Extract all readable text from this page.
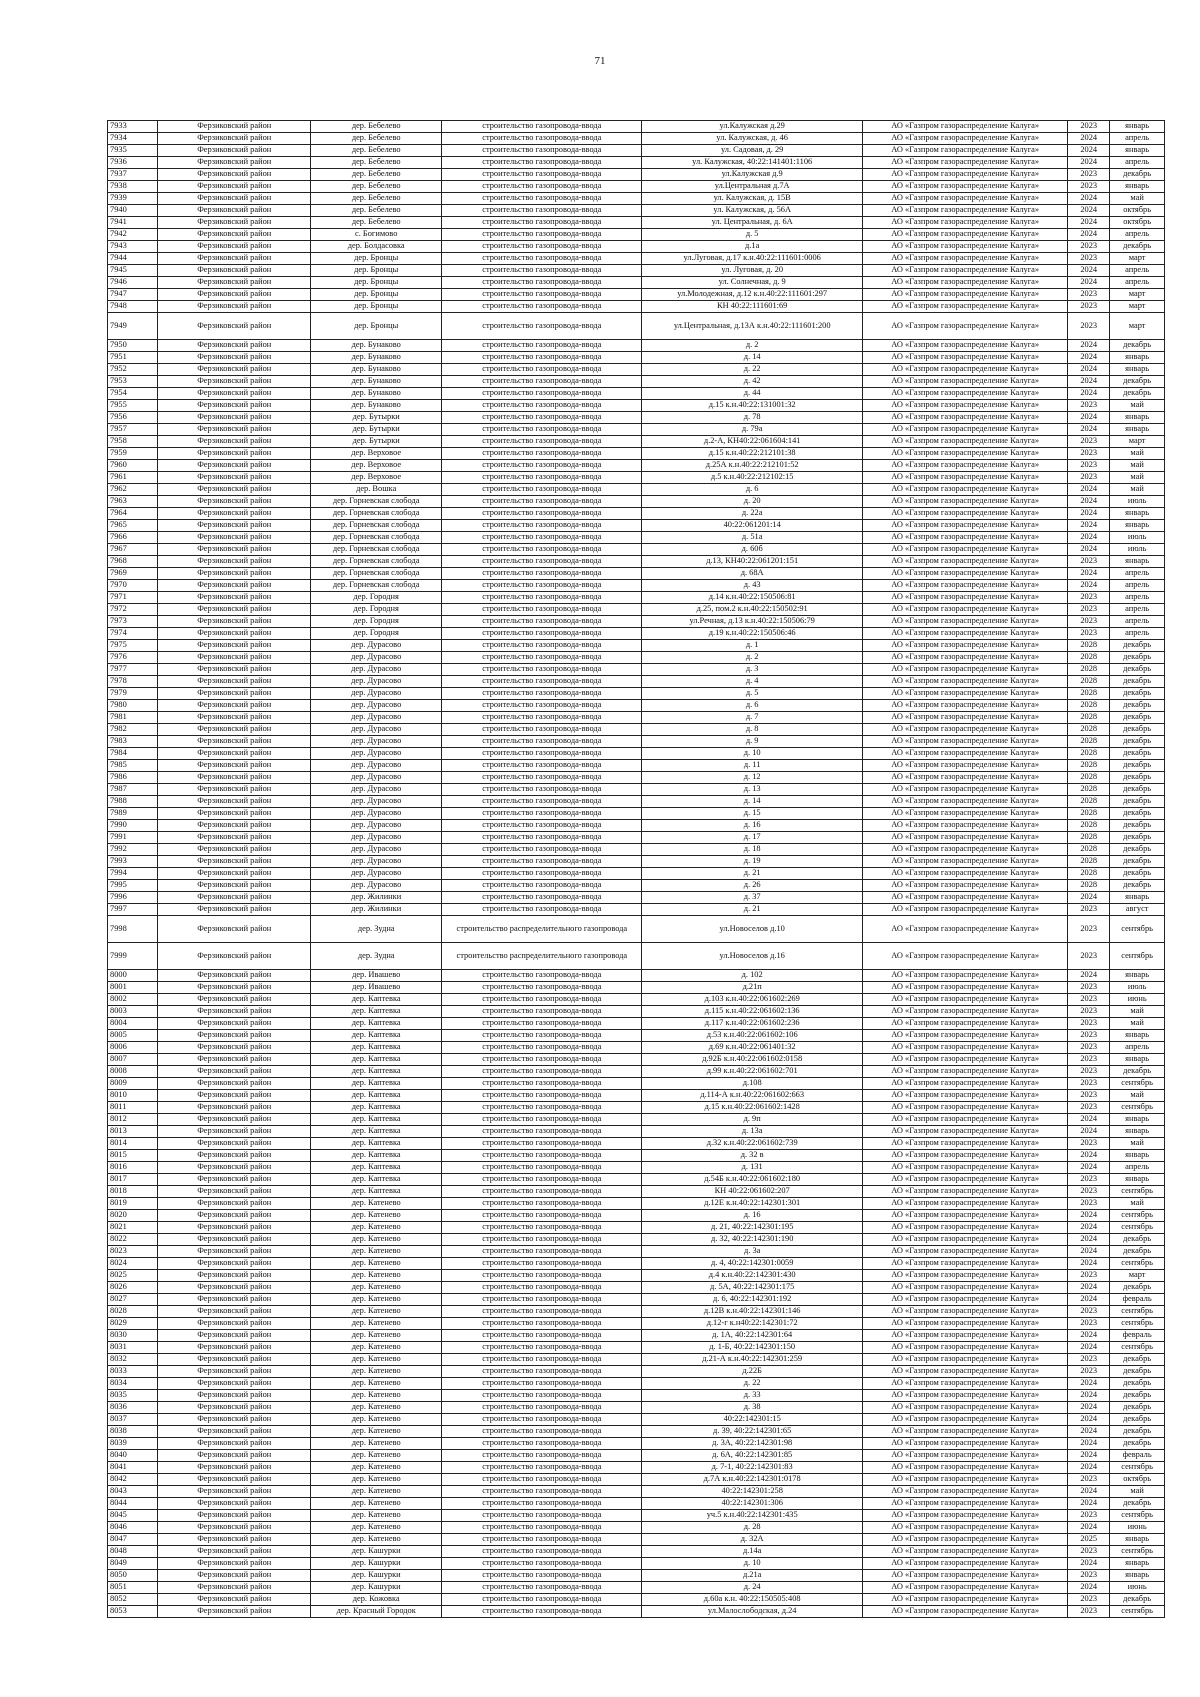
71
7933	Ферзиковский район	дер. Бебелево	строительство газопровода-ввода	ул.Калужская д.29	АО «Газпром газораспределение Калуга»	2023	январь
7934	Ферзиковский район	дер. Бебелево	строительство газопровода-ввода	ул. Калужская, д. 46	АО «Газпром газораспределение Калуга»	2024	апрель
7935	Ферзиковский район	дер. Бебелево	строительство газопровода-ввода	ул. Садовая, д. 29	АО «Газпром газораспределение Калуга»	2024	январь
7936	Ферзиковский район	дер. Бебелево	строительство газопровода-ввода	ул. Калужская, 40:22:141401:1106	АО «Газпром газораспределение Калуга»	2024	апрель
7937	Ферзиковский район	дер. Бебелево	строительство газопровода-ввода	ул.Калужская д.9	АО «Газпром газораспределение Калуга»	2023	декабрь
7938	Ферзиковский район	дер. Бебелево	строительство газопровода-ввода	ул.Центральная д.7А	АО «Газпром газораспределение Калуга»	2023	январь
7939	Ферзиковский район	дер. Бебелево	строительство газопровода-ввода	ул. Калужская, д. 15В	АО «Газпром газораспределение Калуга»	2024	май
7940	Ферзиковский район	дер. Бебелево	строительство газопровода-ввода	ул. Калужская, д. 56А	АО «Газпром газораспределение Калуга»	2024	октябрь
7941	Ферзиковский район	дер. Бебелево	строительство газопровода-ввода	ул. Центральная, д. 6А	АО «Газпром газораспределение Калуга»	2024	октябрь
7942	Ферзиковский район	с. Богимово	строительство газопровода-ввода	д. 5	АО «Газпром газораспределение Калуга»	2024	апрель
7943	Ферзиковский район	дер. Болдасовка	строительство газопровода-ввода	д.1а	АО «Газпром газораспределение Калуга»	2023	декабрь
7944	Ферзиковский район	дер. Бронцы	строительство газопровода-ввода	ул.Луговая, д.17 к.н.40:22:111601:0006	АО «Газпром газораспределение Калуга»	2023	март
7945	Ферзиковский район	дер. Бронцы	строительство газопровода-ввода	ул. Луговая, д. 20	АО «Газпром газораспределение Калуга»	2024	апрель
7946	Ферзиковский район	дер. Бронцы	строительство газопровода-ввода	ул. Солнечная, д. 9	АО «Газпром газораспределение Калуга»	2024	апрель
7947	Ферзиковский район	дер. Бронцы	строительство газопровода-ввода	ул.Молодежная, д.12 к.н.40:22:111601:297	АО «Газпром газораспределение Калуга»	2023	март
7948	Ферзиковский район	дер. Бронцы	строительство газопровода-ввода	КН 40:22:111601:69	АО «Газпром газораспределение Калуга»	2023	март
7949	Ферзиковский район	дер. Бронцы	строительство газопровода-ввода	ул.Центральная, д.13А к.н.40:22:111601:200	АО «Газпром газораспределение Калуга»	2023	март
7950	Ферзиковский район	дер. Бунаково	строительство газопровода-ввода	д. 2	АО «Газпром газораспределение Калуга»	2024	декабрь
7951	Ферзиковский район	дер. Бунаково	строительство газопровода-ввода	д. 14	АО «Газпром газораспределение Калуга»	2024	январь
7952	Ферзиковский район	дер. Бунаково	строительство газопровода-ввода	д. 22	АО «Газпром газораспределение Калуга»	2024	январь
7953	Ферзиковский район	дер. Бунаково	строительство газопровода-ввода	д. 42	АО «Газпром газораспределение Калуга»	2024	декабрь
7954	Ферзиковский район	дер. Бунаково	строительство газопровода-ввода	д. 44	АО «Газпром газораспределение Калуга»	2024	декабрь
7955	Ферзиковский район	дер. Бунаково	строительство газопровода-ввода	д.15 к.н.40:22:131001:32	АО «Газпром газораспределение Калуга»	2023	май
7956	Ферзиковский район	дер. Бутырки	строительство газопровода-ввода	д. 78	АО «Газпром газораспределение Калуга»	2024	январь
7957	Ферзиковский район	дер. Бутырки	строительство газопровода-ввода	д. 79а	АО «Газпром газораспределение Калуга»	2024	январь
7958	Ферзиковский район	дер. Бутырки	строительство газопровода-ввода	д.2-А, КН40:22:061604:141	АО «Газпром газораспределение Калуга»	2023	март
7959	Ферзиковский район	дер. Верховое	строительство газопровода-ввода	д.15 к.н.40:22:212101:38	АО «Газпром газораспределение Калуга»	2023	май
7960	Ферзиковский район	дер. Верховое	строительство газопровода-ввода	д.25А к.н.40:22:212101:52	АО «Газпром газораспределение Калуга»	2023	май
7961	Ферзиковский район	дер. Верховое	строительство газопровода-ввода	д.5 к.н.40:22:212102:15	АО «Газпром газораспределение Калуга»	2023	май
7962	Ферзиковский район	дер. Вошка	строительство газопровода-ввода	д. 6	АО «Газпром газораспределение Калуга»	2024	май
7963	Ферзиковский район	дер. Горневская слобода	строительство газопровода-ввода	д. 20	АО «Газпром газораспределение Калуга»	2024	июль
7964	Ферзиковский район	дер. Горневская слобода	строительство газопровода-ввода	д. 22а	АО «Газпром газораспределение Калуга»	2024	январь
7965	Ферзиковский район	дер. Горневская слобода	строительство газопровода-ввода	40:22:061201:14	АО «Газпром газораспределение Калуга»	2024	январь
7966	Ферзиковский район	дер. Горневская слобода	строительство газопровода-ввода	д. 51а	АО «Газпром газораспределение Калуга»	2024	июль
7967	Ферзиковский район	дер. Горневская слобода	строительство газопровода-ввода	д. 60б	АО «Газпром газораспределение Калуга»	2024	июль
7968	Ферзиковский район	дер. Горневская слобода	строительство газопровода-ввода	д.13, КН40:22:061201:151	АО «Газпром газораспределение Калуга»	2023	январь
7969	Ферзиковский район	дер. Горневская слобода	строительство газопровода-ввода	д. 68А	АО «Газпром газораспределение Калуга»	2024	апрель
7970	Ферзиковский район	дер. Горневская слобода	строительство газопровода-ввода	д. 43	АО «Газпром газораспределение Калуга»	2024	апрель
7971	Ферзиковский район	дер. Городня	строительство газопровода-ввода	д.14 к.н.40:22:150506:81	АО «Газпром газораспределение Калуга»	2023	апрель
7972	Ферзиковский район	дер. Городня	строительство газопровода-ввода	д.25, пом.2 к.н.40:22:150502:91	АО «Газпром газораспределение Калуга»	2023	апрель
7973	Ферзиковский район	дер. Городня	строительство газопровода-ввода	ул.Речная, д.13 к.н.40:22:150506:79	АО «Газпром газораспределение Калуга»	2023	апрель
7974	Ферзиковский район	дер. Городня	строительство газопровода-ввода	д.19 к.н.40:22:150506:46	АО «Газпром газораспределение Калуга»	2023	апрель
7975	Ферзиковский район	дер. Дурасово	строительство газопровода-ввода	д. 1	АО «Газпром газораспределение Калуга»	2028	декабрь
7976	Ферзиковский район	дер. Дурасово	строительство газопровода-ввода	д. 2	АО «Газпром газораспределение Калуга»	2028	декабрь
7977	Ферзиковский район	дер. Дурасово	строительство газопровода-ввода	д. 3	АО «Газпром газораспределение Калуга»	2028	декабрь
7978	Ферзиковский район	дер. Дурасово	строительство газопровода-ввода	д. 4	АО «Газпром газораспределение Калуга»	2028	декабрь
7979	Ферзиковский район	дер. Дурасово	строительство газопровода-ввода	д. 5	АО «Газпром газораспределение Калуга»	2028	декабрь
7980	Ферзиковский район	дер. Дурасово	строительство газопровода-ввода	д. 6	АО «Газпром газораспределение Калуга»	2028	декабрь
7981	Ферзиковский район	дер. Дурасово	строительство газопровода-ввода	д. 7	АО «Газпром газораспределение Калуга»	2028	декабрь
7982	Ферзиковский район	дер. Дурасово	строительство газопровода-ввода	д. 8	АО «Газпром газораспределение Калуга»	2028	декабрь
7983	Ферзиковский район	дер. Дурасово	строительство газопровода-ввода	д. 9	АО «Газпром газораспределение Калуга»	2028	декабрь
7984	Ферзиковский район	дер. Дурасово	строительство газопровода-ввода	д. 10	АО «Газпром газораспределение Калуга»	2028	декабрь
7985	Ферзиковский район	дер. Дурасово	строительство газопровода-ввода	д. 11	АО «Газпром газораспределение Калуга»	2028	декабрь
7986	Ферзиковский район	дер. Дурасово	строительство газопровода-ввода	д. 12	АО «Газпром газораспределение Калуга»	2028	декабрь
7987	Ферзиковский район	дер. Дурасово	строительство газопровода-ввода	д. 13	АО «Газпром газораспределение Калуга»	2028	декабрь
7988	Ферзиковский район	дер. Дурасово	строительство газопровода-ввода	д. 14	АО «Газпром газораспределение Калуга»	2028	декабрь
7989	Ферзиковский район	дер. Дурасово	строительство газопровода-ввода	д. 15	АО «Газпром газораспределение Калуга»	2028	декабрь
7990	Ферзиковский район	дер. Дурасово	строительство газопровода-ввода	д. 16	АО «Газпром газораспределение Калуга»	2028	декабрь
7991	Ферзиковский район	дер. Дурасово	строительство газопровода-ввода	д. 17	АО «Газпром газораспределение Калуга»	2028	декабрь
7992	Ферзиковский район	дер. Дурасово	строительство газопровода-ввода	д. 18	АО «Газпром газораспределение Калуга»	2028	декабрь
7993	Ферзиковский район	дер. Дурасово	строительство газопровода-ввода	д. 19	АО «Газпром газораспределение Калуга»	2028	декабрь
7994	Ферзиковский район	дер. Дурасово	строительство газопровода-ввода	д. 21	АО «Газпром газораспределение Калуга»	2028	декабрь
7995	Ферзиковский район	дер. Дурасово	строительство газопровода-ввода	д. 26	АО «Газпром газораспределение Калуга»	2028	декабрь
7996	Ферзиковский район	дер. Жилинки	строительство газопровода-ввода	д. 37	АО «Газпром газораспределение Калуга»	2024	январь
7997	Ферзиковский район	дер. Жилинки	строительство газопровода-ввода	д. 21	АО «Газпром газораспределение Калуга»	2023	август
7998	Ферзиковский район	дер. Зудна	строительство распределительного газопровода	ул.Новоселов д.10	АО «Газпром газораспределение Калуга»	2023	сентябрь
7999	Ферзиковский район	дер. Зудна	строительство распределительного газопровода	ул.Новоселов д.16	АО «Газпром газораспределение Калуга»	2023	сентябрь
8000	Ферзиковский район	дер. Ивашево	строительство газопровода-ввода	д. 102	АО «Газпром газораспределение Калуга»	2024	январь
8001	Ферзиковский район	дер. Ивашево	строительство газопровода-ввода	д.21п	АО «Газпром газораспределение Калуга»	2023	июль
8002	Ферзиковский район	дер. Каптевка	строительство газопровода-ввода	д.103 к.н.40:22:061602:269	АО «Газпром газораспределение Калуга»	2023	июнь
8003	Ферзиковский район	дер. Каптевка	строительство газопровода-ввода	д.115 к.н.40:22:061602:136	АО «Газпром газораспределение Калуга»	2023	май
8004	Ферзиковский район	дер. Каптевка	строительство газопровода-ввода	д.117 к.н.40:22:061602:236	АО «Газпром газораспределение Калуга»	2023	май
8005	Ферзиковский район	дер. Каптевка	строительство газопровода-ввода	д.53 к.н.40:22:061602:106	АО «Газпром газораспределение Калуга»	2023	январь
8006	Ферзиковский район	дер. Каптевка	строительство газопровода-ввода	д.69 к.н.40:22:061401:32	АО «Газпром газораспределение Калуга»	2023	апрель
8007	Ферзиковский район	дер. Каптевка	строительство газопровода-ввода	д.92Б к.н.40:22:061602:0158	АО «Газпром газораспределение Калуга»	2023	январь
8008	Ферзиковский район	дер. Каптевка	строительство газопровода-ввода	д.99 к.н.40:22:061602:701	АО «Газпром газораспределение Калуга»	2023	декабрь
8009	Ферзиковский район	дер. Каптевка	строительство газопровода-ввода	д.108	АО «Газпром газораспределение Калуга»	2023	сентябрь
8010	Ферзиковский район	дер. Каптевка	строительство газопровода-ввода	д.114-А к.н.40:22:061602:663	АО «Газпром газораспределение Калуга»	2023	май
8011	Ферзиковский район	дер. Каптевка	строительство газопровода-ввода	д.15 к.н.40:22:061602:1428	АО «Газпром газораспределение Калуга»	2023	сентябрь
8012	Ферзиковский район	дер. Каптевка	строительство газопровода-ввода	д. 9п	АО «Газпром газораспределение Калуга»	2024	январь
8013	Ферзиковский район	дер. Каптевка	строительство газопровода-ввода	д. 13а	АО «Газпром газораспределение Калуга»	2024	январь
8014	Ферзиковский район	дер. Каптевка	строительство газопровода-ввода	д.32 к.н.40:22:061602:739	АО «Газпром газораспределение Калуга»	2023	май
8015	Ферзиковский район	дер. Каптевка	строительство газопровода-ввода	д. 32 в	АО «Газпром газораспределение Калуга»	2024	январь
8016	Ферзиковский район	дер. Каптевка	строительство газопровода-ввода	д. 131	АО «Газпром газораспределение Калуга»	2024	апрель
8017	Ферзиковский район	дер. Каптевка	строительство газопровода-ввода	д.54Б к.н.40:22:061602:180	АО «Газпром газораспределение Калуга»	2023	январь
8018	Ферзиковский район	дер. Каптевка	строительство газопровода-ввода	КН 40:22:061602:207	АО «Газпром газораспределение Калуга»	2023	сентябрь
8019	Ферзиковский район	дер. Катенево	строительство газопровода-ввода	д.12Е к.н.40:22:142301:301	АО «Газпром газораспределение Калуга»	2023	май
8020	Ферзиковский район	дер. Катенево	строительство газопровода-ввода	д. 16	АО «Газпром газораспределение Калуга»	2024	сентябрь
8021	Ферзиковский район	дер. Катенево	строительство газопровода-ввода	д. 21, 40:22:142301:195	АО «Газпром газораспределение Калуга»	2024	сентябрь
8022	Ферзиковский район	дер. Катенево	строительство газопровода-ввода	д. 32, 40:22:142301:190	АО «Газпром газораспределение Калуга»	2024	декабрь
8023	Ферзиковский район	дер. Катенево	строительство газопровода-ввода	д. 3а	АО «Газпром газораспределение Калуга»	2024	декабрь
8024	Ферзиковский район	дер. Катенево	строительство газопровода-ввода	д. 4, 40:22:142301:0059	АО «Газпром газораспределение Калуга»	2024	сентябрь
8025	Ферзиковский район	дер. Катенево	строительство газопровода-ввода	д.4 к.н.40:22:142301:430	АО «Газпром газораспределение Калуга»	2023	март
8026	Ферзиковский район	дер. Катенево	строительство газопровода-ввода	д. 5А, 40:22:142301:175	АО «Газпром газораспределение Калуга»	2024	декабрь
8027	Ферзиковский район	дер. Катенево	строительство газопровода-ввода	д. 6, 40:22:142301:192	АО «Газпром газораспределение Калуга»	2024	февраль
8028	Ферзиковский район	дер. Катенево	строительство газопровода-ввода	д.12В к.н.40:22:142301:146	АО «Газпром газораспределение Калуга»	2023	сентябрь
8029	Ферзиковский район	дер. Катенево	строительство газопровода-ввода	д.12-г к.н40:22:142301:72	АО «Газпром газораспределение Калуга»	2023	сентябрь
8030	Ферзиковский район	дер. Катенево	строительство газопровода-ввода	д. 1А, 40:22:142301:64	АО «Газпром газораспределение Калуга»	2024	февраль
8031	Ферзиковский район	дер. Катенево	строительство газопровода-ввода	д. 1-Б, 40:22:142301:150	АО «Газпром газораспределение Калуга»	2024	сентябрь
8032	Ферзиковский район	дер. Катенево	строительство газопровода-ввода	д.21-А к.н.40:22:142301:259	АО «Газпром газораспределение Калуга»	2023	декабрь
8033	Ферзиковский район	дер. Катенево	строительство газопровода-ввода	д.22Б	АО «Газпром газораспределение Калуга»	2023	декабрь
8034	Ферзиковский район	дер. Катенево	строительство газопровода-ввода	д. 22	АО «Газпром газораспределение Калуга»	2024	декабрь
8035	Ферзиковский район	дер. Катенево	строительство газопровода-ввода	д. 33	АО «Газпром газораспределение Калуга»	2024	декабрь
8036	Ферзиковский район	дер. Катенево	строительство газопровода-ввода	д. 38	АО «Газпром газораспределение Калуга»	2024	декабрь
8037	Ферзиковский район	дер. Катенево	строительство газопровода-ввода	40:22:142301:15	АО «Газпром газораспределение Калуга»	2024	декабрь
8038	Ферзиковский район	дер. Катенево	строительство газопровода-ввода	д. 39, 40:22:142301:65	АО «Газпром газораспределение Калуга»	2024	декабрь
8039	Ферзиковский район	дер. Катенево	строительство газопровода-ввода	д. 3А, 40:22:142301:98	АО «Газпром газораспределение Калуга»	2024	декабрь
8040	Ферзиковский район	дер. Катенево	строительство газопровода-ввода	д. 6А, 40:22:142301:85	АО «Газпром газораспределение Калуга»	2024	февраль
8041	Ферзиковский район	дер. Катенево	строительство газопровода-ввода	д. 7-1, 40:22:142301:83	АО «Газпром газораспределение Калуга»	2024	сентябрь
8042	Ферзиковский район	дер. Катенево	строительство газопровода-ввода	д.7А к.н.40:22:142301:0178	АО «Газпром газораспределение Калуга»	2023	октябрь
8043	Ферзиковский район	дер. Катенево	строительство газопровода-ввода	40:22:142301:258	АО «Газпром газораспределение Калуга»	2024	май
8044	Ферзиковский район	дер. Катенево	строительство газопровода-ввода	40:22:142301:306	АО «Газпром газораспределение Калуга»	2024	декабрь
8045	Ферзиковский район	дер. Катенево	строительство газопровода-ввода	уч.5 к.н.40:22:142301:435	АО «Газпром газораспределение Калуга»	2023	сентябрь
8046	Ферзиковский район	дер. Катенево	строительство газопровода-ввода	д. 28	АО «Газпром газораспределение Калуга»	2024	июнь
8047	Ферзиковский район	дер. Катенево	строительство газопровода-ввода	д. 32А	АО «Газпром газораспределение Калуга»	2025	январь
8048	Ферзиковский район	дер. Кашурки	строительство газопровода-ввода	д.14а	АО «Газпром газораспределение Калуга»	2023	сентябрь
8049	Ферзиковский район	дер. Кашурки	строительство газопровода-ввода	д. 10	АО «Газпром газораспределение Калуга»	2024	январь
8050	Ферзиковский район	дер. Кашурки	строительство газопровода-ввода	д.21а	АО «Газпром газораспределение Калуга»	2023	январь
8051	Ферзиковский район	дер. Кашурки	строительство газопровода-ввода	д. 24	АО «Газпром газораспределение Калуга»	2024	июнь
8052	Ферзиковский район	дер. Кожовка	строительство газопровода-ввода	д.60а к.н. 40:22:150505:408	АО «Газпром газораспределение Калуга»	2023	декабрь
8053	Ферзиковский район	дер. Красный Городок	строительство газопровода-ввода	ул.Малослободская, д.24	АО «Газпром газораспределение Калуга»	2023	сентябрь
